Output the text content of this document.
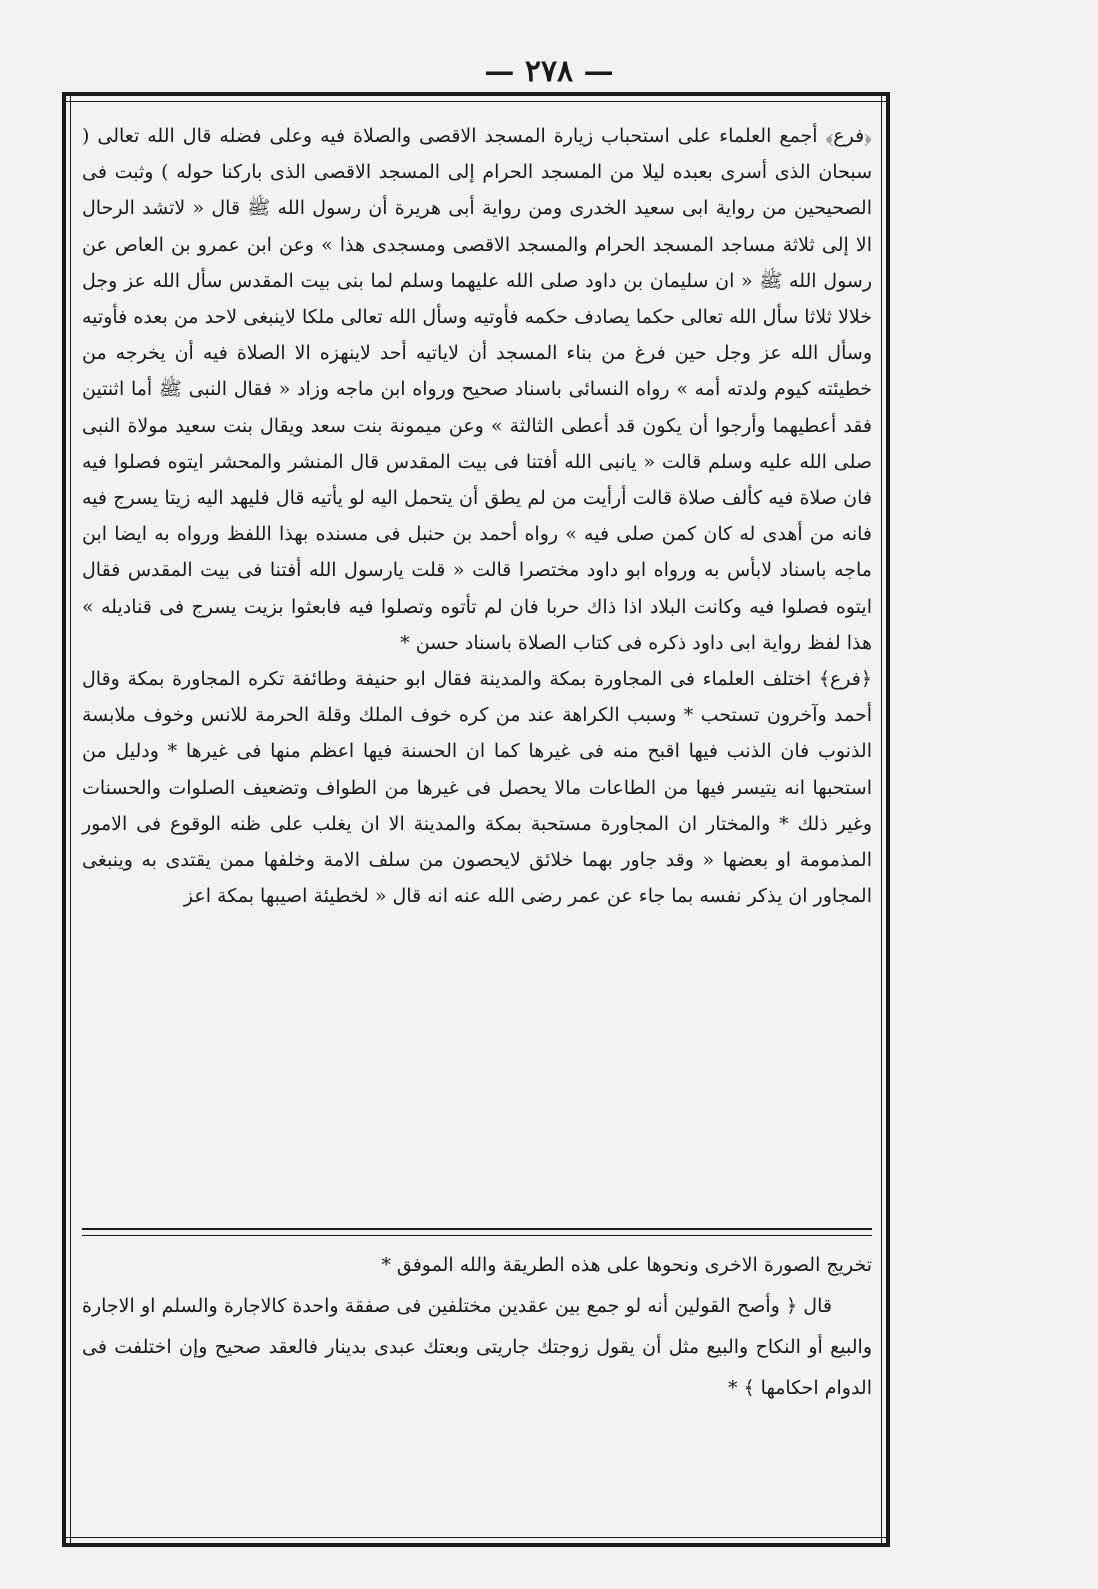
— ٢٧٨ —

﴿فرع﴾ أجمع العلماء على استحباب زيارة المسجد الاقصى والصلاة فيه وعلى فضله قال الله تعالى ( سبحان الذى أسرى بعبده ليلا من المسجد الحرام إلى المسجد الاقصى الذى باركنا حوله ) وثبت فى الصحيحين من رواية ابى سعيد الخدرى ومن رواية أبى هريرة أن رسول الله ﷺ قال « لاتشد الرحال الا إلى ثلاثة مساجد المسجد الحرام والمسجد الاقصى ومسجدى هذا » وعن ابن عمرو بن العاص عن رسول الله ﷺ « ان سليمان بن داود صلى الله عليهما وسلم لما بنى بيت المقدس سأل الله عز وجل خلالا ثلاثا سأل الله تعالى حكما يصادف حكمه فأوتيه وسأل الله تعالى ملكا لاينبغى لاحد من بعده فأوتيه وسأل الله عز وجل حين فرغ من بناء المسجد أن لاياتيه أحد لاينهزه الا الصلاة فيه أن يخرجه من خطيئته كيوم ولدته أمه » رواه النسائى باسناد صحيح ورواه ابن ماجه وزاد « فقال النبى ﷺ أما اثنتين فقد أعطيهما وأرجوا أن يكون قد أعطى الثالثة » وعن ميمونة بنت سعد ويقال بنت سعيد مولاة النبى صلى الله عليه وسلم قالت « يانبى الله أفتنا فى بيت المقدس قال المنشر والمحشر ايتوه فصلوا فيه فان صلاة فيه كألف صلاة قالت أرأيت من لم يطق أن يتحمل اليه لو يأتيه قال فليهد اليه زيتا يسرج فيه فانه من أهدى له كان كمن صلى فيه » رواه أحمد بن حنبل فى مسنده بهذا اللفظ ورواه به ايضا ابن ماجه باسناد لابأس به ورواه ابو داود مختصرا قالت « قلت يارسول الله أفتنا فى بيت المقدس فقال ايتوه فصلوا فيه وكانت البلاد اذا ذاك حربا فان لم تأتوه وتصلوا فيه فابعثوا بزيت يسرج فى قناديله » هذا لفظ رواية ابى داود ذكره فى كتاب الصلاة باسناد حسن *

﴿فرع﴾ اختلف العلماء فى المجاورة بمكة والمدينة فقال ابو حنيفة وطائفة تكره المجاورة بمكة وقال أحمد وآخرون تستحب * وسبب الكراهة عند من كره خوف الملك وقلة الحرمة للانس وخوف ملابسة الذنوب فان الذنب فيها اقبح منه فى غيرها كما ان الحسنة فيها اعظم منها فى غيرها * ودليل من استحبها انه يتيسر فيها من الطاعات مالا يحصل فى غيرها من الطواف وتضعيف الصلوات والحسنات وغير ذلك * والمختار ان المجاورة مستحبة بمكة والمدينة الا ان يغلب على ظنه الوقوع فى الامور المذمومة او بعضها « وقد جاور بهما خلائق لايحصون من سلف الامة وخلفها ممن يقتدى به وينبغى المجاور ان يذكر نفسه بما جاء عن عمر رضى الله عنه انه قال « لخطيئة اصيبها بمكة اعز

تخريج الصورة الاخرى ونحوها على هذه الطريقة والله الموفق *

قال ﴿ وأصح القولين أنه لو جمع بين عقدين مختلفين فى صفقة واحدة كالاجارة والسلم او الاجارة والبيع أو النكاح والبيع مثل أن يقول زوجتك جاريتى وبعتك عبدى بدينار فالعقد صحيح وإن اختلفت فى الدوام احكامها ﴾ *
